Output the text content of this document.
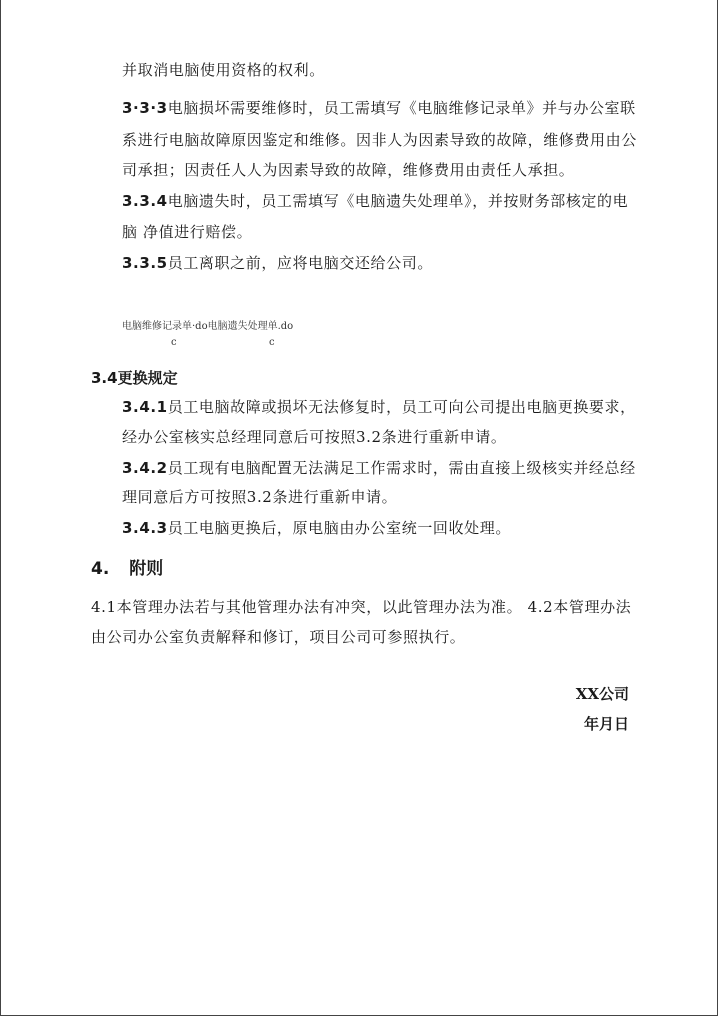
并取消电脑使用资格的权利。
3·3·3电脑损坏需要维修时，员工需填写《电脑维修记录单》并与办公室联
系进行电脑故障原因鉴定和维修。因非人为因素导致的故障，维修费用由公
司承担；因责任人人为因素导致的故障，维修费用由责任人承担。
3.3.4电脑遗失时，员工需填写《电脑遗失处理单》，并按财务部核定的电
脑 净值进行赔偿。
3.3.5员工离职之前，应将电脑交还给公司。
电脑维修记录单·do电脑遗失处理单.do
c	c
3.4更换规定
3.4.1员工电脑故障或损坏无法修复时，员工可向公司提出电脑更换要求，
经办公室核实总经理同意后可按照3.2条进行重新申请。
3.4.2员工现有电脑配置无法满足工作需求时，需由直接上级核实并经总经
理同意后方可按照3.2条进行重新申请。
3.4.3员工电脑更换后，原电脑由办公室统一回收处理。
4. 附则
4.1本管理办法若与其他管理办法有冲突，以此管理办法为准。 4.2本管理办法
由公司办公室负责解释和修订，项目公司可参照执行。
XX公司
年月日
